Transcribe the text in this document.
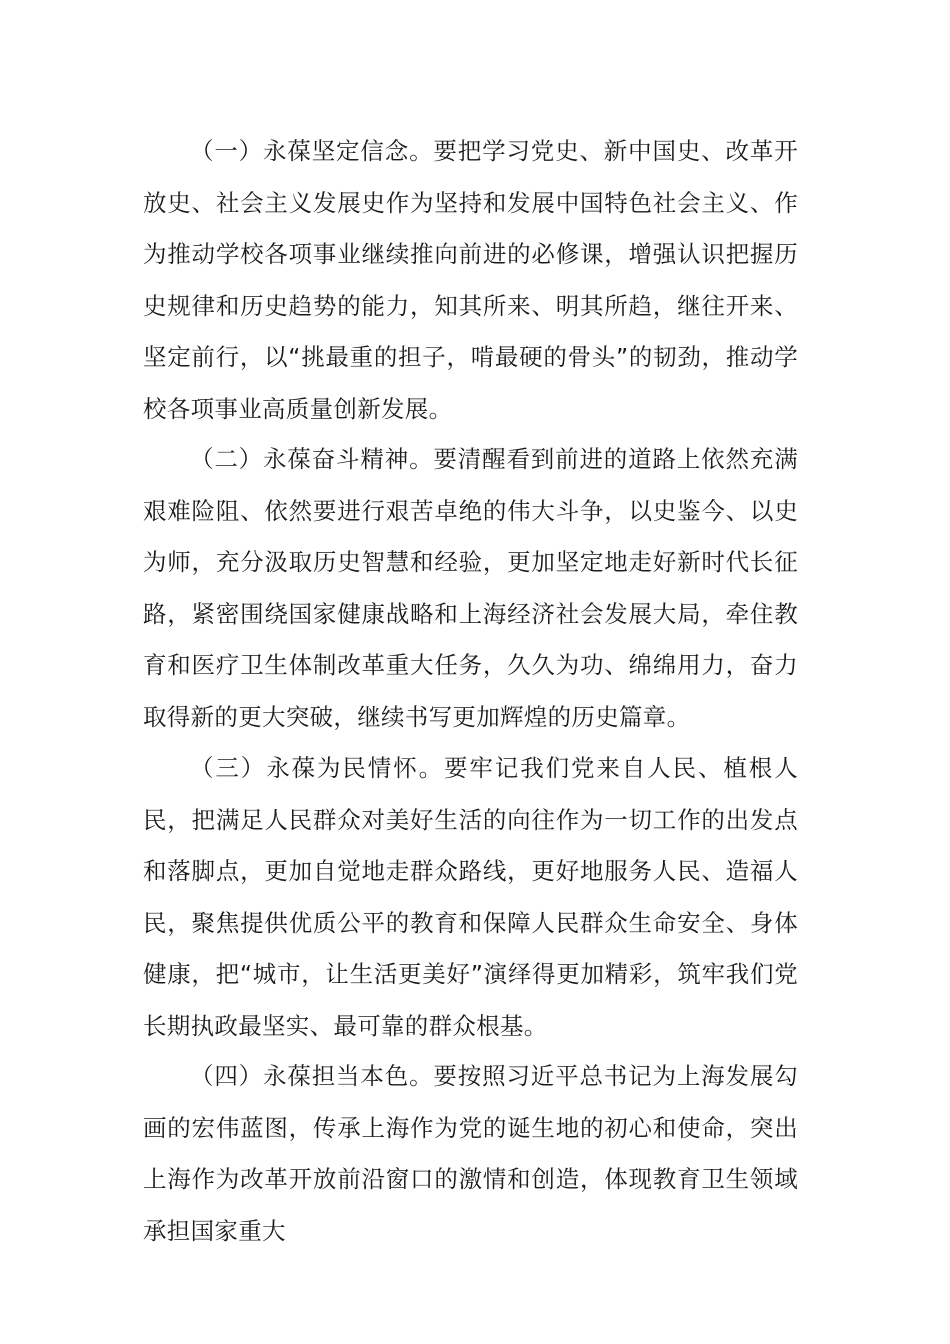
（一）永葆坚定信念。要把学习党史、新中国史、改革开放史、社会主义发展史作为坚持和发展中国特色社会主义、作为推动学校各项事业继续推向前进的必修课，增强认识把握历史规律和历史趋势的能力，知其所来、明其所趋，继往开来、坚定前行，以“挑最重的担子，啃最硬的骨头”的韧劲，推动学校各项事业高质量创新发展。

（二）永葆奋斗精神。要清醒看到前进的道路上依然充满艰难险阻、依然要进行艰苦卓绝的伟大斗争，以史鉴今、以史为师，充分汲取历史智慧和经验，更加坚定地走好新时代长征路，紧密围绕国家健康战略和上海经济社会发展大局，牵住教育和医疗卫生体制改革重大任务，久久为功、绵绵用力，奋力取得新的更大突破，继续书写更加辉煌的历史篇章。

（三）永葆为民情怀。要牢记我们党来自人民、植根人民，把满足人民群众对美好生活的向往作为一切工作的出发点和落脚点，更加自觉地走群众路线，更好地服务人民、造福人民，聚焦提供优质公平的教育和保障人民群众生命安全、身体健康，把“城市，让生活更美好”演绎得更加精彩，筑牢我们党长期执政最坚实、最可靠的群众根基。

（四）永葆担当本色。要按照习近平总书记为上海发展勾画的宏伟蓝图，传承上海作为党的诞生地的初心和使命，突出上海作为改革开放前沿窗口的激情和创造，体现教育卫生领域承担国家重大
